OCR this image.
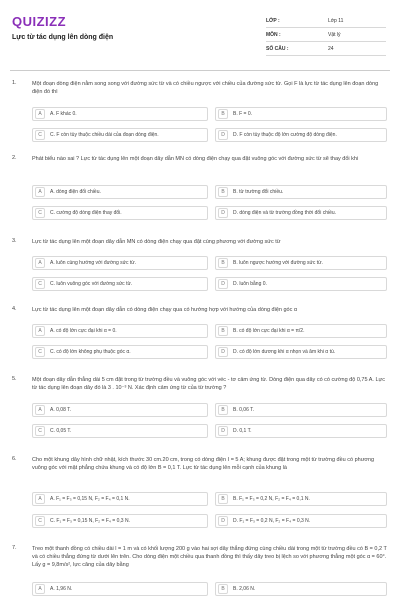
QUIZIZZ
Lực từ tác dụng lên dòng điện
LỚP :	Lớp 11
MÔN :	Vật lý
SỐ CÂU :	24
1.	Một đoạn dòng điện nằm song song với đường sức từ và có chiều ngược với chiều của đường sức từ. Gọi F là lực từ tác dụng lên đoạn dòng điện đó thì
A	A. F khác 0.	B	B. F = 0.
C	C. F còn tùy thuộc chiều dài của đoạn dòng điện.	D	D. F còn tùy thuộc độ lớn cường độ dòng điện.
2.	Phát biểu nào sai ? Lực từ tác dụng lên một đoạn dây dẫn MN có dòng điện chạy qua đặt vuông góc với đường sức từ sẽ thay đổi khi
A	A. dòng điện đổi chiều.	B	B. từ trường đổi chiều.
C	C. cường độ dòng điện thay đổi.	D	D. dòng điện và từ trường đồng thời đổi chiều.
3.	Lực từ tác dụng lên một đoạn dây dẫn MN có dòng điện chạy qua đặt cùng phương với đường sức từ
A	A. luôn cùng hướng với đường sức từ.	B	B. luôn ngược hướng với đường sức từ.
C	C. luôn vuông góc với đường sức từ.	D	D. luôn bằng 0.
4.	Lực từ tác dụng lên một đoạn dây dẫn có dòng điện chạy qua có hướng hợp với hướng của dòng điện góc α
A	A. có độ lớn cực đại khi α = 0.	B	B. có độ lớn cực đại khi α = π/2.
C	C. có độ lớn không phụ thuộc góc α.	D	D. có độ lớn dương khi α nhọn và âm khi α tù.
5.	Một đoạn dây dẫn thẳng dài 5 cm đặt trong từ trường đều và vuông góc với véc - tơ cảm ứng từ. Dòng điện qua dây có có cường độ 0,75 A. Lực từ tác dụng lên đoạn dây đó là 3 . 10⁻³ N. Xác định cảm ứng từ của từ trường ?
A	A. 0,08 T.	B	B. 0,06 T.
C	C. 0,05 T.	D	D. 0,1 T.
6.	Cho một khung dây hình chữ nhật, kích thước 30 cm.20 cm, trong có dòng điện I = 5 A; khung được đặt trong một từ trường đều có phương vuông góc với mặt phẳng chứa khung và có độ lớn B = 0,1 T. Lực từ tác dụng lên mỗi cạnh của khung là
A	A. F₁ = F₃ = 0,15 N, F₂ = F₄ = 0,1 N.	B	B. F₁ = F₃ = 0,2 N, F₂ = F₄ = 0,1 N.
C	C. F₁ = F₃ = 0,15 N, F₂ = F₄ = 0,3 N.	D	D. F₁ = F₃ = 0,2 N, F₂ = F₄ = 0,3 N.
7.	Treo một thanh đồng có chiều dài l = 1 m và có khối lượng 200 g vào hai sợi dây thẳng đứng cùng chiều dài trong một từ trường đều có B = 0,2 T và có chiều thẳng đứng từ dưới lên trên. Cho dòng điện một chiều qua thanh đồng thì thấy dây treo bị lệch so với phương thẳng một góc α = 60°. Lấy g = 9,8m/s², lực căng của dây bằng
A	A. 1,96 N.	B	B. 2,06 N.
